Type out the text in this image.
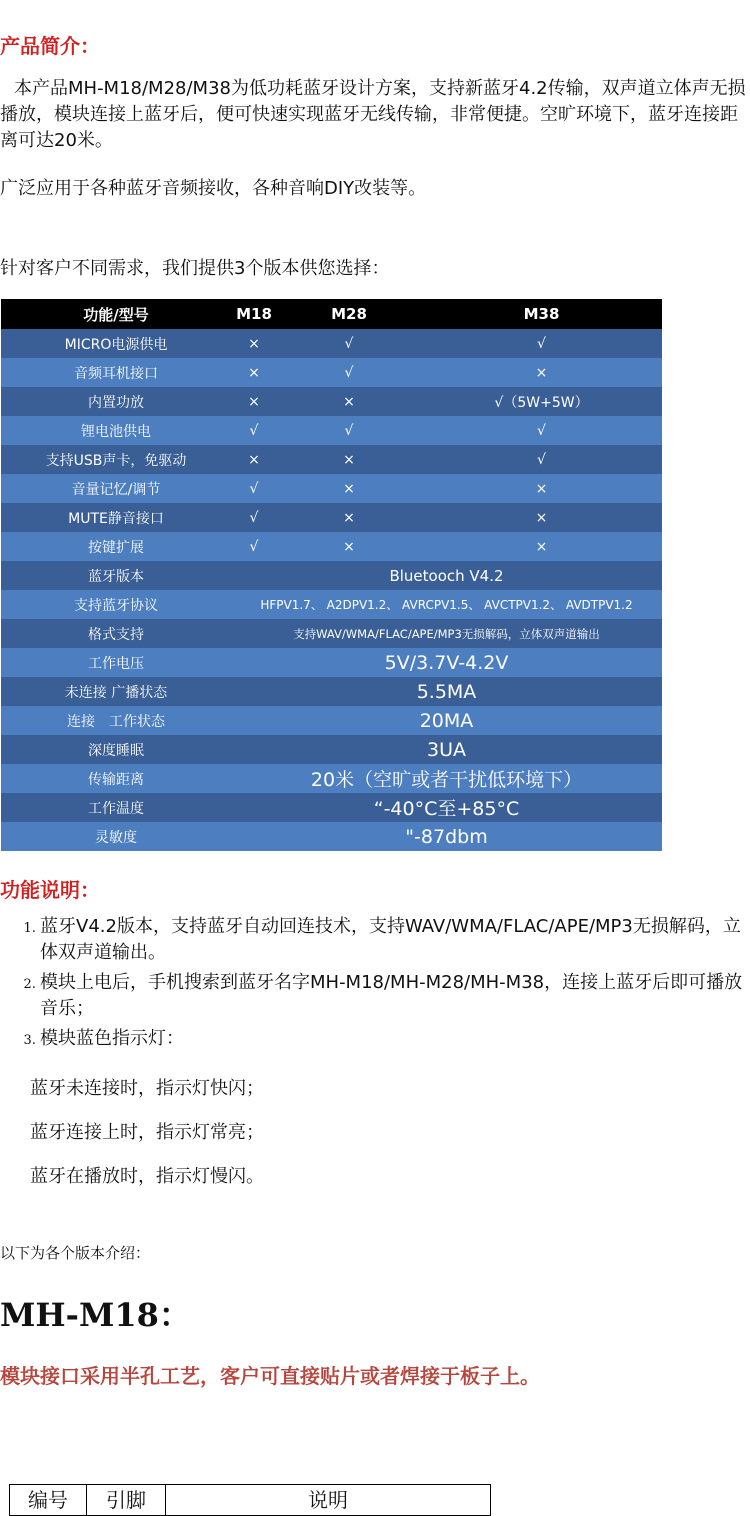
产品简介：
本产品MH-M18/M28/M38为低功耗蓝牙设计方案，支持新蓝牙4.2传输，双声道立体声无损播放，模块连接上蓝牙后，便可快速实现蓝牙无线传输，非常便捷。空旷环境下，蓝牙连接距离可达20米。
广泛应用于各种蓝牙音频接收，各种音响DIY改装等。
针对客户不同需求，我们提供3个版本供您选择：
功能/型号	M18	M28	M38
MICRO电源供电	×	√	√
音频耳机接口	×	√	×
内置功放	×	×	√（5W+5W）
锂电池供电	√	√	√
支持USB声卡，免驱动	×	×	√
音量记忆/调节	√	×	×
MUTE静音接口	√	×	×
按键扩展	√	×	×
蓝牙版本	Bluetooch V4.2		
支持蓝牙协议	HFPV1.7、 A2DPV1.2、 AVRCPV1.5、 AVCTPV1.2、 AVDTPV1.2		
格式支持	支持WAV/WMA/FLAC/APE/MP3无损解码，立体双声道输出		
工作电压	5V/3.7V-4.2V		
未连接 广播状态	5.5MA		
连接　工作状态	20MA		
深度睡眠	3UA		
传输距离	20米（空旷或者干扰低环境下）		
工作温度	“-40°C至+85°C		
灵敏度	"-87dbm		
功能说明：
1. 蓝牙V4.2版本，支持蓝牙自动回连技术，支持WAV/WMA/FLAC/APE/MP3无损解码，立体双声道输出。
2. 模块上电后，手机搜索到蓝牙名字MH-M18/MH-M28/MH-M38，连接上蓝牙后即可播放音乐；
3. 模块蓝色指示灯：
蓝牙未连接时，指示灯快闪；
蓝牙连接上时，指示灯常亮；
蓝牙在播放时，指示灯慢闪。
以下为各个版本介绍：
MH-M18：
模块接口采用半孔工艺，客户可直接贴片或者焊接于板子上。
编号	引脚	说明
